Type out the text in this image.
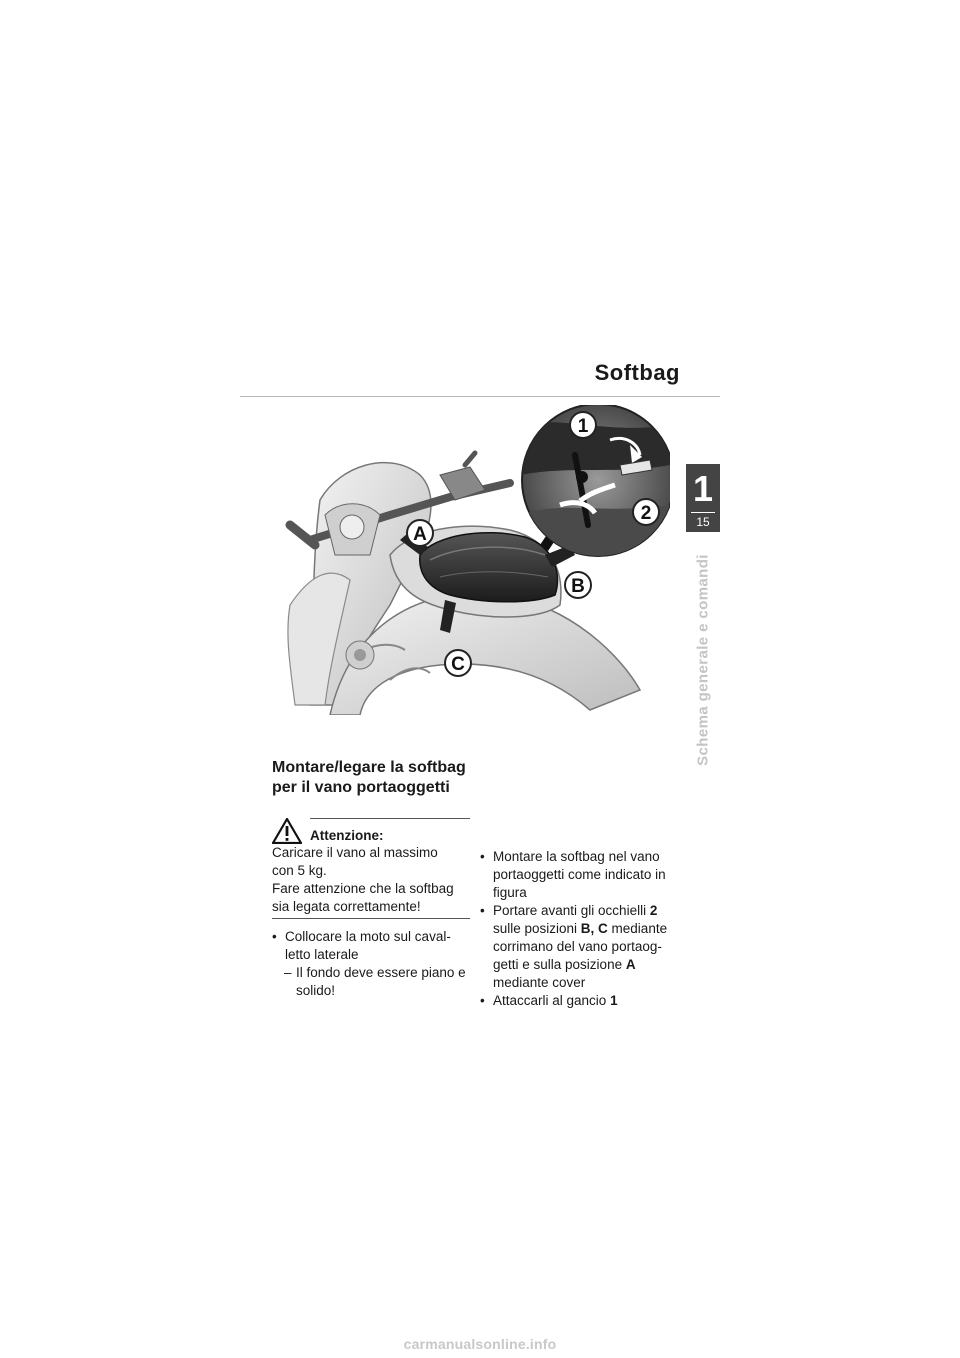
Softbag
1
15
Schema generale e comandi
1
2
A
B
C
Montare/legare la softbag
per il vano portaoggetti
Attenzione:

Caricare il vano al massimo

con 5 kg.

Fare attenzione che la softbag

sia legata correttamente!

• Collocare la moto sul caval-
letto laterale
– Il fondo deve essere piano e
solido!
• Montare la softbag nel vano
portaoggetti come indicato in
figura
• Portare avanti gli occhielli 2
sulle posizioni B, C mediante
corrimano del vano portaog-
getti e sulla posizione A
mediante cover
• Attaccarli al gancio 1
carmanualsonline.info
